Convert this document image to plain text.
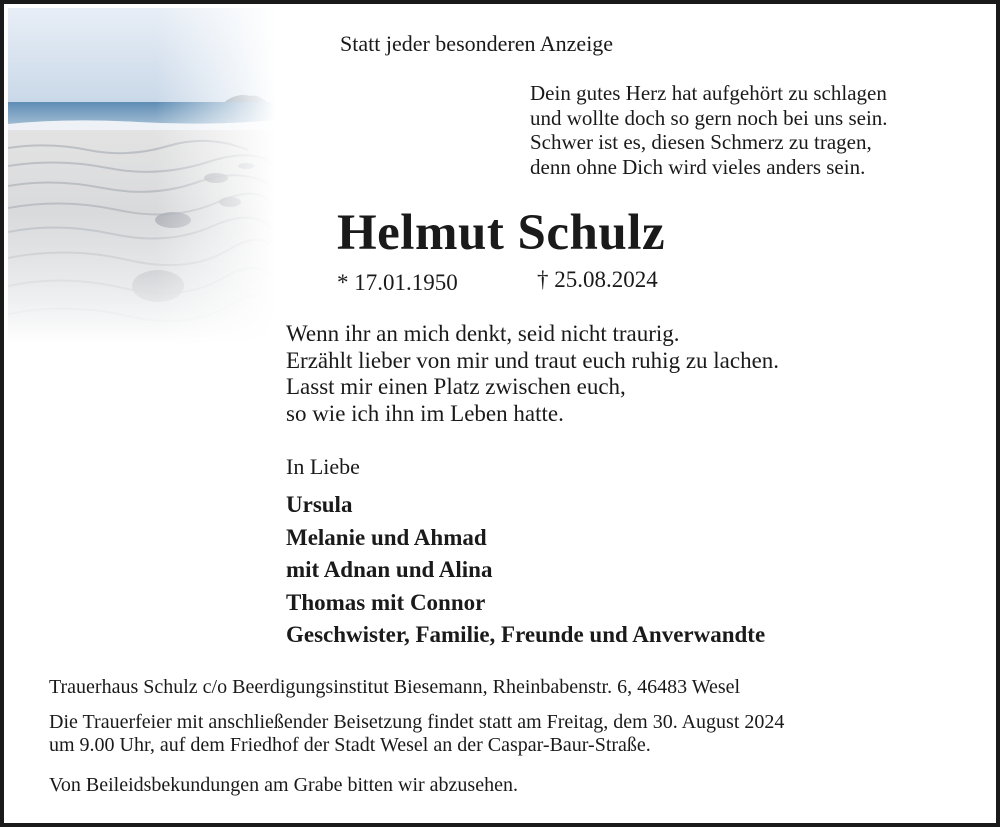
Statt jeder besonderen Anzeige
Dein gutes Herz hat aufgehört zu schlagen
und wollte doch so gern noch bei uns sein.
Schwer ist es, diesen Schmerz zu tragen,
denn ohne Dich wird vieles anders sein.
Helmut Schulz
* 17.01.1950	† 25.08.2024
Wenn ihr an mich denkt, seid nicht traurig.
Erzählt lieber von mir und traut euch ruhig zu lachen.
Lasst mir einen Platz zwischen euch,
so wie ich ihn im Leben hatte.
In Liebe
Ursula
Melanie und Ahmad
mit Adnan und Alina
Thomas mit Connor
Geschwister, Familie, Freunde und Anverwandte
Trauerhaus Schulz c/o Beerdigungsinstitut Biesemann, Rheinbabenstr. 6, 46483 Wesel
Die Trauerfeier mit anschließender Beisetzung findet statt am Freitag, dem 30. August 2024
um 9.00 Uhr, auf dem Friedhof der Stadt Wesel an der Caspar-Baur-Straße.
Von Beileidsbekundungen am Grabe bitten wir abzusehen.
